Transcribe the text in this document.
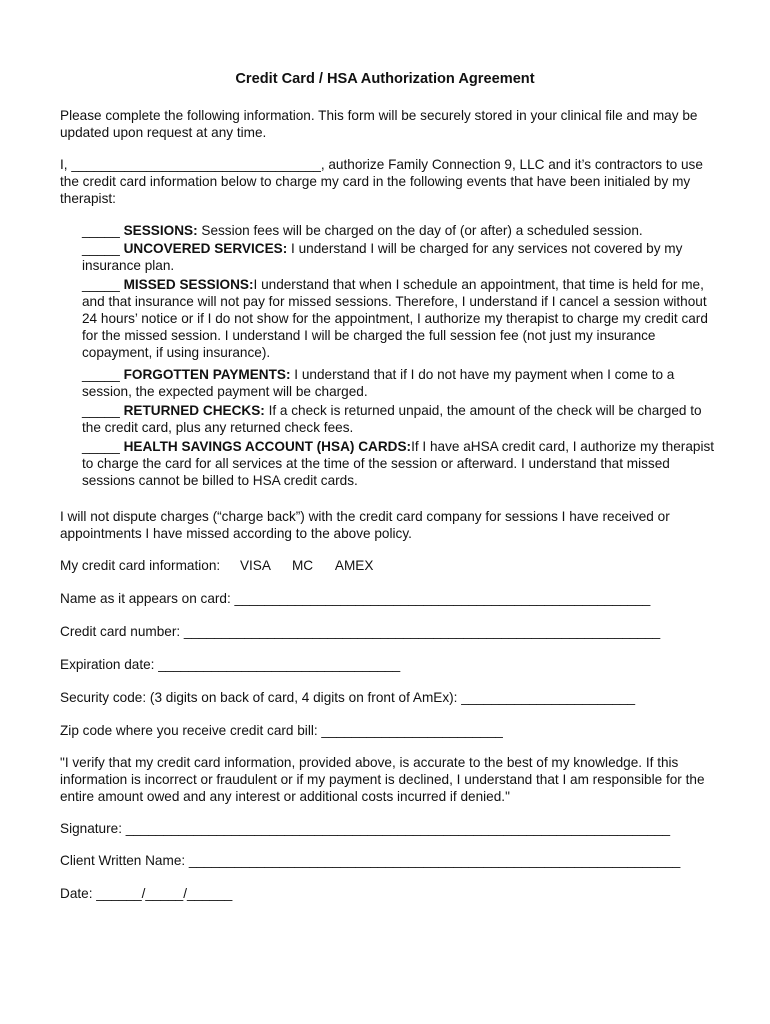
Credit Card / HSA Authorization Agreement

Please complete the following information. This form will be securely stored in your clinical file and may be updated upon request at any time.

I, _________________________________, authorize Family Connection 9, LLC and it’s contractors to use the credit card information below to charge my card in the following events that have been initialed by my therapist:

_____ SESSIONS: Session fees will be charged on the day of (or after) a scheduled session.

_____ UNCOVERED SERVICES: I understand I will be charged for any services not covered by my insurance plan.

_____ MISSED SESSIONS:I understand that when I schedule an appointment, that time is held for me, and that insurance will not pay for missed sessions. Therefore, I understand if I cancel a session without 24 hours’ notice or if I do not show for the appointment, I authorize my therapist to charge my credit card for the missed session. I understand I will be charged the full session fee (not just my insurance copayment, if using insurance).

_____ FORGOTTEN PAYMENTS: I understand that if I do not have my payment when I come to a session, the expected payment will be charged.

_____ RETURNED CHECKS: If a check is returned unpaid, the amount of the check will be charged to the credit card, plus any returned check fees.

_____ HEALTH SAVINGS ACCOUNT (HSA) CARDS:If I have aHSA credit card, I authorize my therapist to charge the card for all services at the time of the session or afterward. I understand that missed sessions cannot be billed to HSA credit cards.

I will not dispute charges (“charge back”) with the credit card company for sessions I have received or appointments I have missed according to the above policy.

My credit card information: VISA MC AMEX

Name as it appears on card: _______________________________________________________

Credit card number: _______________________________________________________________

Expiration date: ________________________________

Security code: (3 digits on back of card, 4 digits on front of AmEx): _______________________

Zip code where you receive credit card bill: ________________________

"I verify that my credit card information, provided above, is accurate to the best of my knowledge. If this information is incorrect or fraudulent or if my payment is declined, I understand that I am responsible for the entire amount owed and any interest or additional costs incurred if denied."

Signature: ________________________________________________________________________

Client Written Name: _________________________________________________________________

Date: ______/_____/______
